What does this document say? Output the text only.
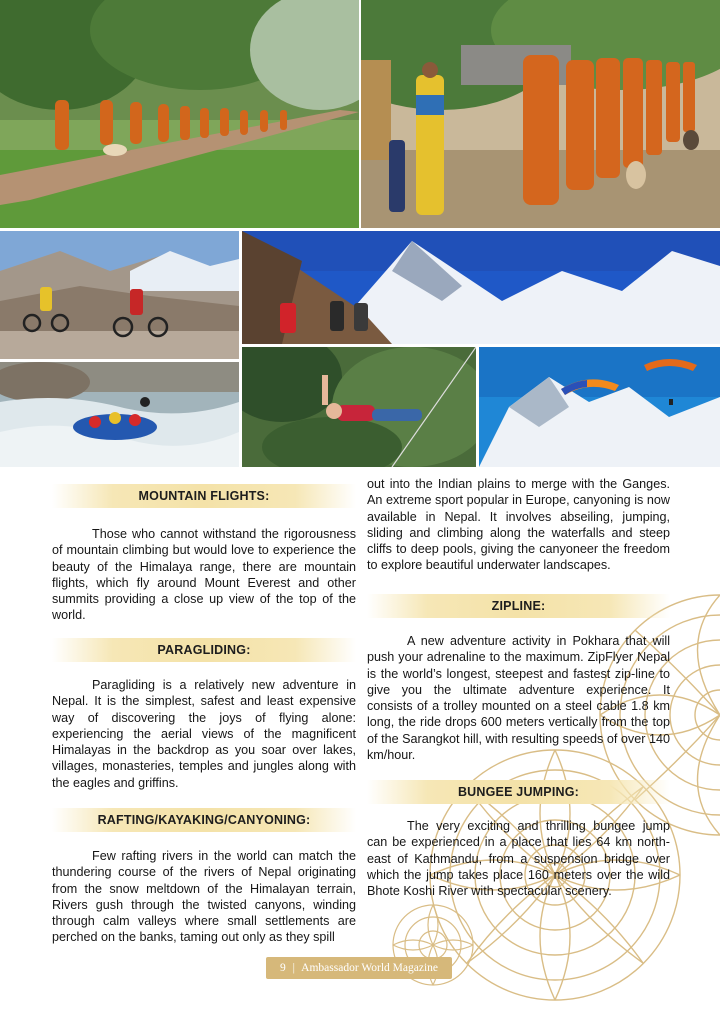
MOUNTAIN FLIGHTS:

Those who cannot withstand the rigorousness of mountain climbing but would love to experience the beauty of the Himalaya range, there are mountain flights, which fly around Mount Everest and other summits providing a close up view of the top of the world.

PARAGLIDING:

Paragliding is a relatively new adventure in Nepal. It is the simplest, safest and least expensive way of discovering the joys of flying alone: experiencing the aerial views of the magnificent Himalayas in the backdrop as you soar over lakes, villages, monasteries, temples and jungles along with the eagles and griffins.

RAFTING/KAYAKING/CANYONING:

Few rafting rivers in the world can match the thundering course of the rivers of Nepal originating from the snow meltdown of the Himalayan terrain, Rivers gush through the twisted canyons, winding through calm valleys where small settlements are perched on the banks, taming out only as they spill

out into the Indian plains to merge with the Ganges. An extreme sport popular in Europe, canyoning is now available in Nepal. It involves abseiling, jumping, sliding and climbing along the waterfalls and steep cliffs to deep pools, giving the canyoneer the freedom to explore beautiful underwater landscapes.

ZIPLINE:

A new adventure activity in Pokhara that will push your adrenaline to the maximum. ZipFlyer Nepal is the world’s longest, steepest and fastest zip-line to give you the ultimate adventure experience. It consists of a trolley mounted on a steel cable 1.8 km long, the ride drops 600 meters vertically from the top of the Sarangkot hill, with resulting speeds of over 140 km/hour.

BUNGEE JUMPING:

The very exciting and thrilling bungee jump can be experienced in a place that lies 64 km north-east of Kathmandu, from a suspension bridge over which the jump takes place 160 meters over the wild Bhote Koshi River with spectacular scenery.

9 | Ambassador World Magazine
